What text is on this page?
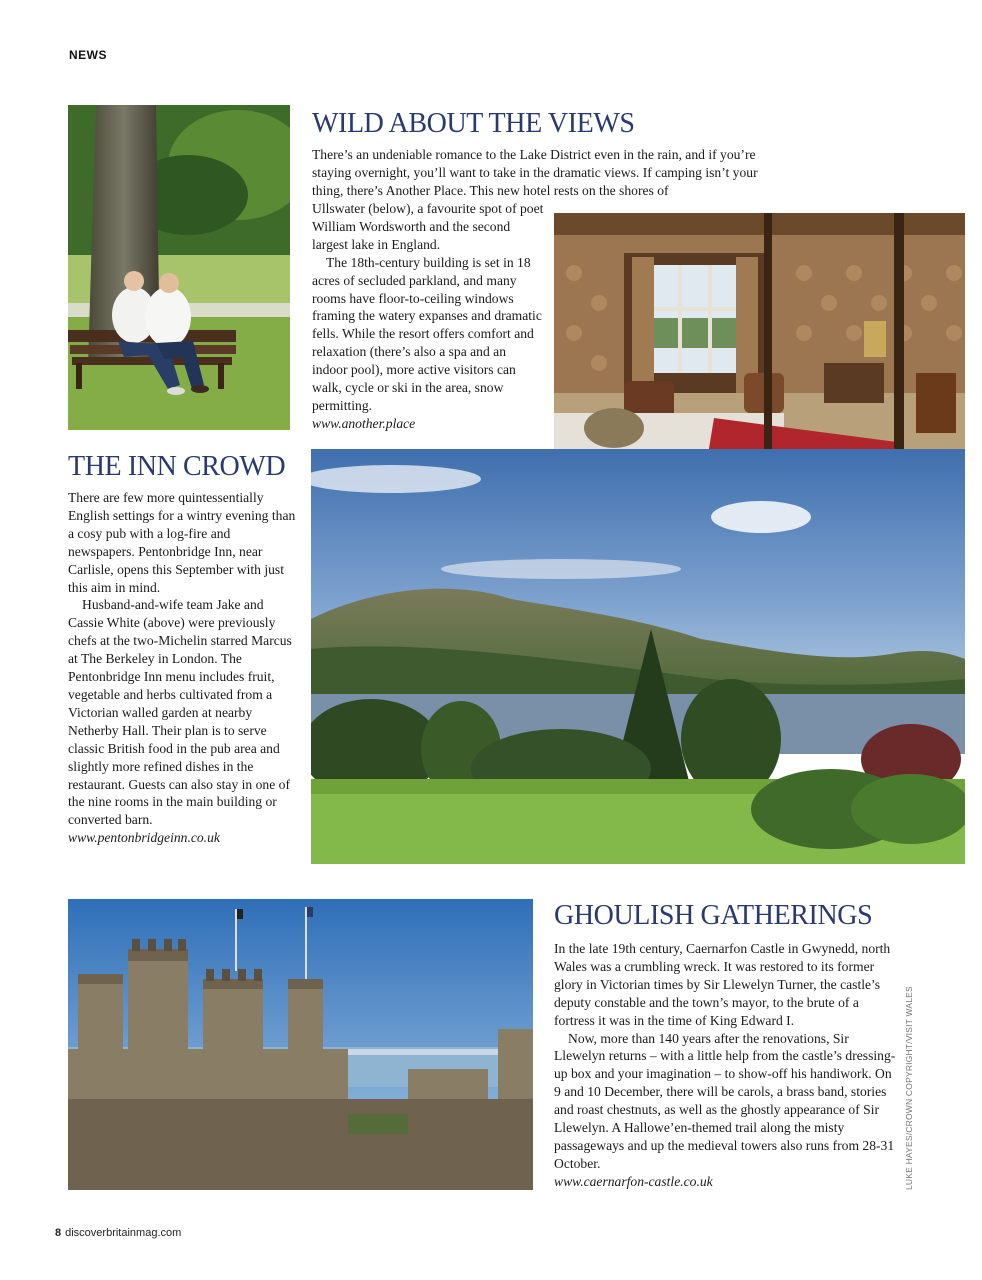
NEWS
WILD ABOUT THE VIEWS
There’s an undeniable romance to the Lake District even in the rain, and if you’re staying overnight, you’ll want to take in the dramatic views. If camping isn’t your thing, there’s Another Place. This new hotel rests on the shores of

Ullswater (below), a favourite spot of poet William Wordsworth and the second largest lake in England.

The 18th-century building is set in 18 acres of secluded parkland, and many rooms have floor-to-ceiling windows framing the watery expanses and dramatic fells. While the resort offers comfort and relaxation (there’s also a spa and an indoor pool), more active visitors can walk, cycle or ski in the area, snow permitting.

www.another.place

THE INN CROWD

There are few more quintessentially English settings for a wintry evening than a cosy pub with a log-fire and newspapers. Pentonbridge Inn, near Carlisle, opens this September with just this aim in mind.

Husband-and-wife team Jake and Cassie White (above) were previously chefs at the two-Michelin starred Marcus at The Berkeley in London. The Pentonbridge Inn menu includes fruit, vegetable and herbs cultivated from a Victorian walled garden at nearby Netherby Hall. Their plan is to serve classic British food in the pub area and slightly more refined dishes in the restaurant. Guests can also stay in one of the nine rooms in the main building or converted barn.

www.pentonbridgeinn.co.uk

GHOULISH GATHERINGS

In the late 19th century, Caernarfon Castle in Gwynedd, north Wales was a crumbling wreck. It was restored to its former glory in Victorian times by Sir Llewelyn Turner, the castle’s deputy constable and the town’s mayor, to the brute of a fortress it was in the time of King Edward I.

Now, more than 140 years after the renovations, Sir Llewelyn returns – with a little help from the castle’s dressing-up box and your imagination – to show-off his handiwork. On 9 and 10 December, there will be carols, a brass band, stories and roast chestnuts, as well as the ghostly appearance of Sir Llewelyn. A Hallowe’en-themed trail along the misty passageways and up the medieval towers also runs from 28-31 October.

www.caernarfon-castle.co.uk	LUKE HAYES/CROWN COPYRIGHT/VISIT WALES
8 discoverbritainmag.com
